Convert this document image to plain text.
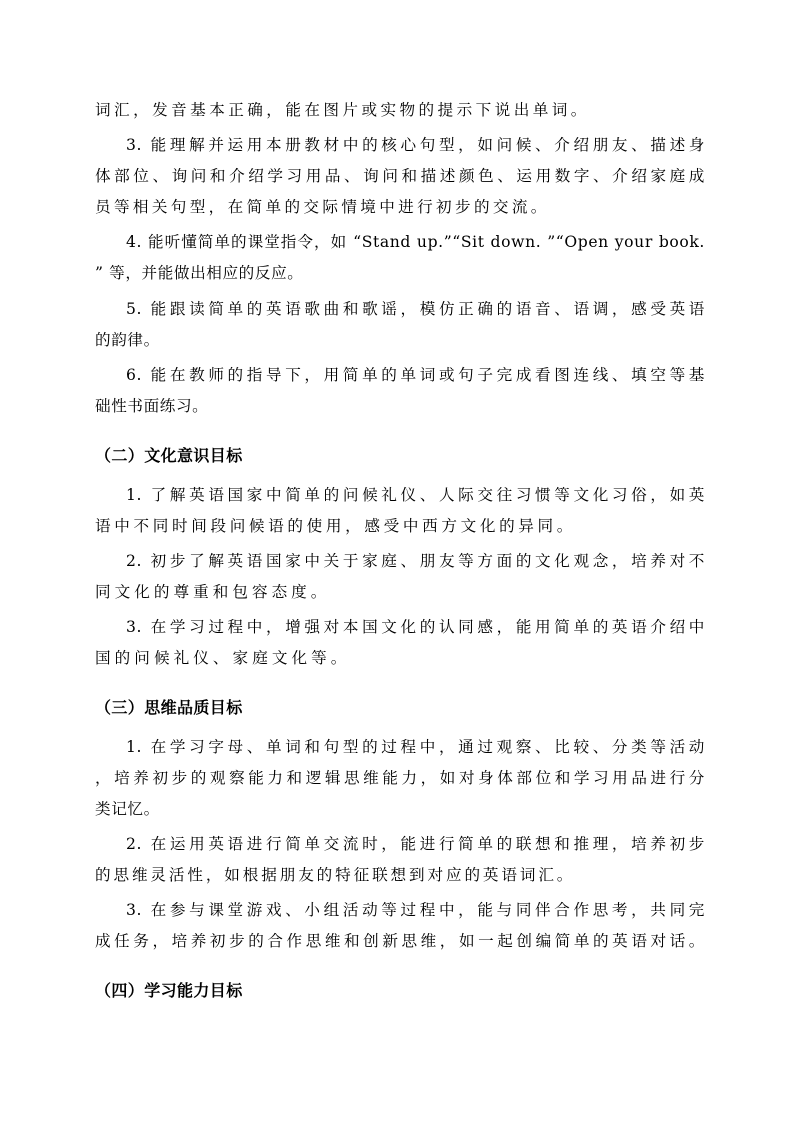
词汇，发音基本正确，能在图片或实物的提示下说出单词。
3. 能理解并运用本册教材中的核心句型，如问候、介绍朋友、描述身
体部位、询问和介绍学习用品、询问和描述颜色、运用数字、介绍家庭成
员等相关句型，在简单的交际情境中进行初步的交流。
4. 能听懂简单的课堂指令，如 “Stand up.”“Sit down. ”“Open your book.
” 等，并能做出相应的反应。
5. 能跟读简单的英语歌曲和歌谣，模仿正确的语音、语调，感受英语
的韵律。
6. 能在教师的指导下，用简单的单词或句子完成看图连线、填空等基
础性书面练习。
（二）文化意识目标
1. 了解英语国家中简单的问候礼仪、人际交往习惯等文化习俗，如英
语中不同时间段问候语的使用，感受中西方文化的异同。
2. 初步了解英语国家中关于家庭、朋友等方面的文化观念，培养对不
同文化的尊重和包容态度。
3. 在学习过程中，增强对本国文化的认同感，能用简单的英语介绍中
国的问候礼仪、家庭文化等。
（三）思维品质目标
1. 在学习字母、单词和句型的过程中，通过观察、比较、分类等活动
，培养初步的观察能力和逻辑思维能力，如对身体部位和学习用品进行分
类记忆。
2. 在运用英语进行简单交流时，能进行简单的联想和推理，培养初步
的思维灵活性，如根据朋友的特征联想到对应的英语词汇。
3. 在参与课堂游戏、小组活动等过程中，能与同伴合作思考，共同完
成任务，培养初步的合作思维和创新思维，如一起创编简单的英语对话。
（四）学习能力目标
